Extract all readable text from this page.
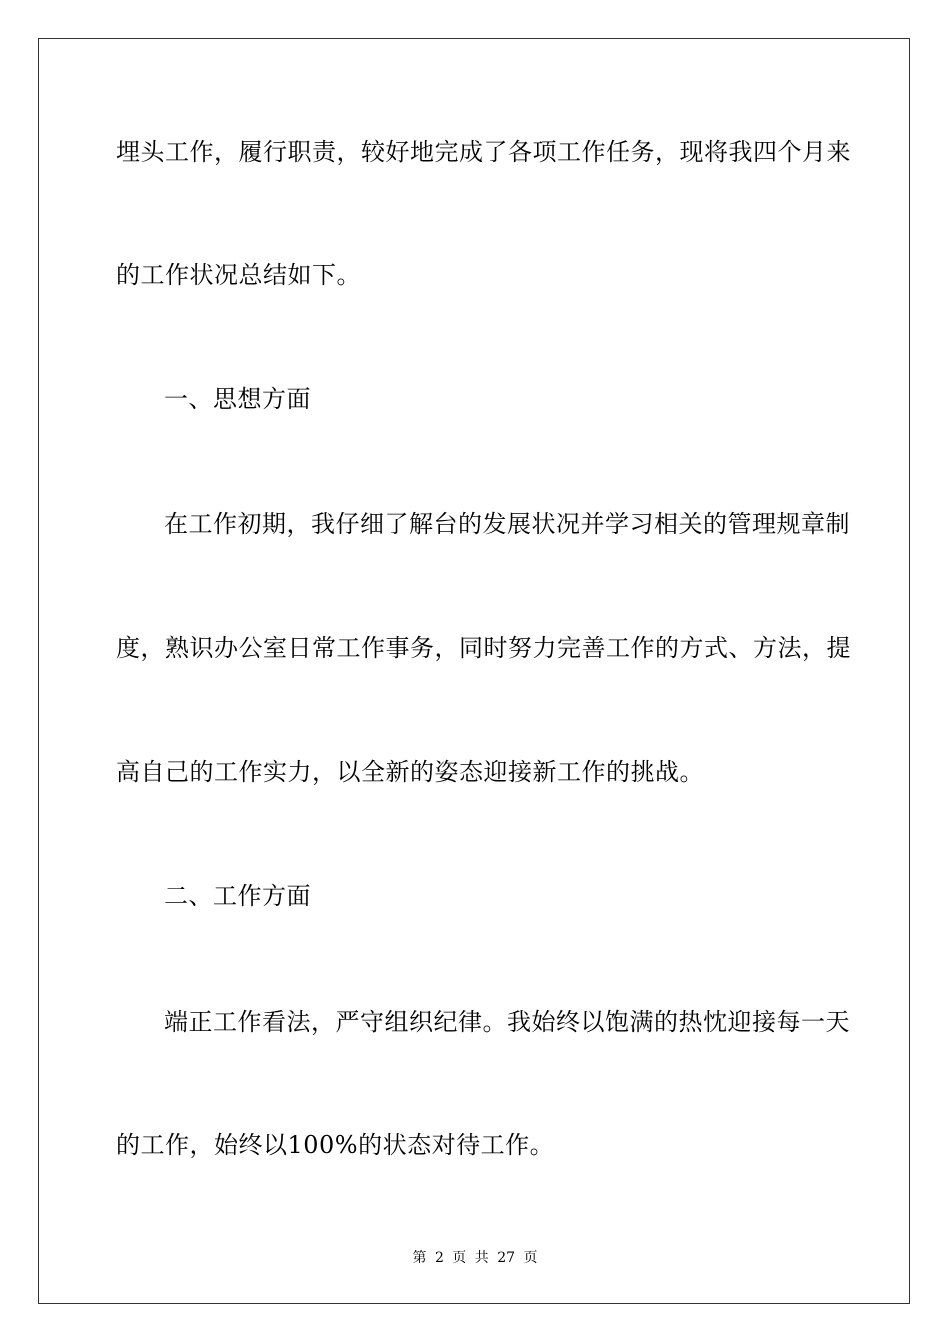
埋头工作，履行职责，较好地完成了各项工作任务，现将我四个月来
的工作状况总结如下。
一、思想方面
在工作初期，我仔细了解台的发展状况并学习相关的管理规章制
度，熟识办公室日常工作事务，同时努力完善工作的方式、方法，提
高自己的工作实力，以全新的姿态迎接新工作的挑战。
二、工作方面
端正工作看法，严守组织纪律。我始终以饱满的热忱迎接每一天
的工作，始终以100%的状态对待工作。
第 2 页 共 27 页
